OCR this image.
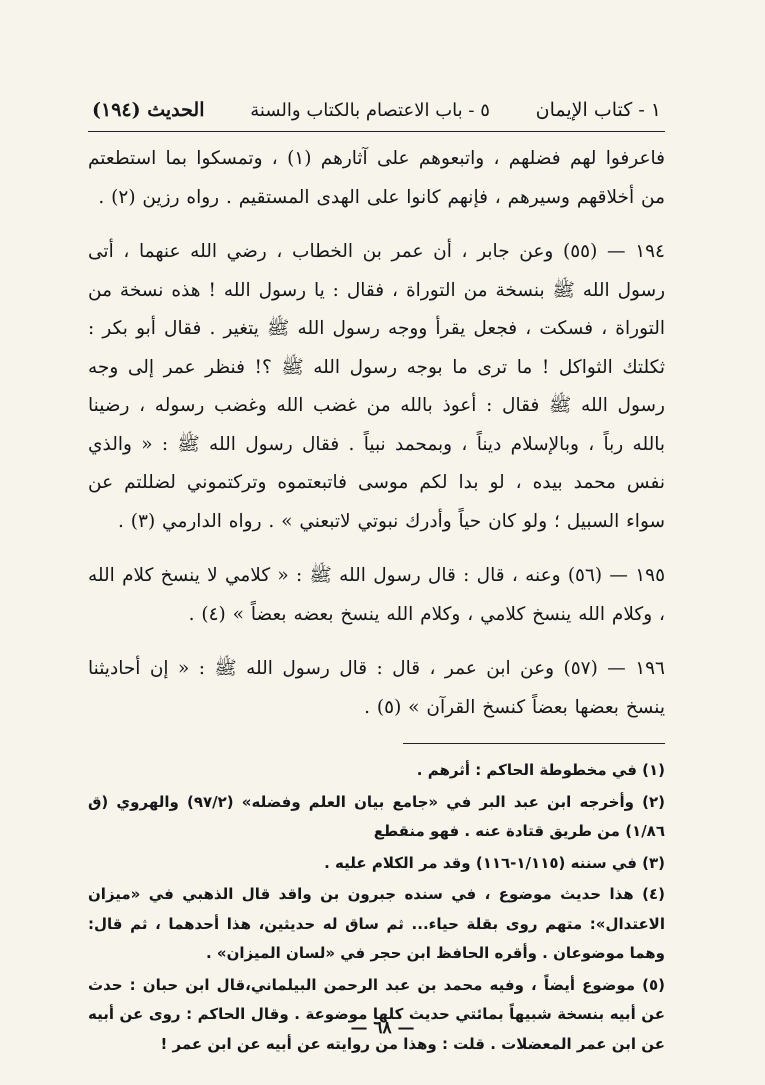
١ - كتاب الإيمان
٥ - باب الاعتصام بالكتاب والسنة
الحديث (١٩٤)

فاعرفوا لهم فضلهم ، واتبعوهم على آثارهم (١) ، وتمسكوا بما استطعتم من أخلاقهم وسيرهم ، فإنهم كانوا على الهدى المستقيم . رواه رزين (٢) .

١٩٤ — (٥٥) وعن جابر ، أن عمر بن الخطاب ، رضي الله عنهما ، أتى رسول الله ﷺ بنسخة من التوراة ، فقال : يا رسول الله ! هذه نسخة من التوراة ، فسكت ، فجعل يقرأ ووجه رسول الله ﷺ يتغير . فقال أبو بكر : ثكلتك الثواكل ! ما ترى ما بوجه رسول الله ﷺ ؟! فنظر عمر إلى وجه رسول الله ﷺ فقال : أعوذ بالله من غضب الله وغضب رسوله ، رضينا بالله رباً ، وبالإسلام ديناً ، وبمحمد نبياً . فقال رسول الله ﷺ : « والذي نفس محمد بيده ، لو بدا لكم موسى فاتبعتموه وتركتموني لضللتم عن سواء السبيل ؛ ولو كان حياً وأدرك نبوتي لاتبعني » . رواه الدارمي (٣) .

١٩٥ — (٥٦) وعنه ، قال : قال رسول الله ﷺ : « كلامي لا ينسخ كلام الله ، وكلام الله ينسخ كلامي ، وكلام الله ينسخ بعضه بعضاً » (٤) .

١٩٦ — (٥٧) وعن ابن عمر ، قال : قال رسول الله ﷺ : « إن أحاديثنا ينسخ بعضها بعضاً كنسخ القرآن » (٥) .

(١) في مخطوطة الحاكم : أثرهم .

(٢) وأخرجه ابن عبد البر في «جامع بيان العلم وفضله» (٩٧/٢) والهروي (ق ١/٨٦) من طريق قتادة عنه . فهو منقطع

(٣) في سننه (١/١١٥-١١٦) وقد مر الكلام عليه .

(٤) هذا حديث موضوع ، في سنده جبرون بن واقد قال الذهبي في «ميزان الاعتدال»: متهم روى بقلة حياء... ثم ساق له حديثين، هذا أحدهما ، ثم قال: وهما موضوعان . وأقره الحافظ ابن حجر في «لسان الميزان» .

(٥) موضوع أيضاً ، وفيه محمد بن عبد الرحمن البيلماني،قال ابن حبان : حدث عن أبيه بنسخة شبيهاً بمائتي حديث كلها موضوعة . وقال الحاكم : روى عن أبيه عن ابن عمر المعضلات . قلت : وهذا من روايته عن أبيه عن ابن عمر !

— ٦٨ —
